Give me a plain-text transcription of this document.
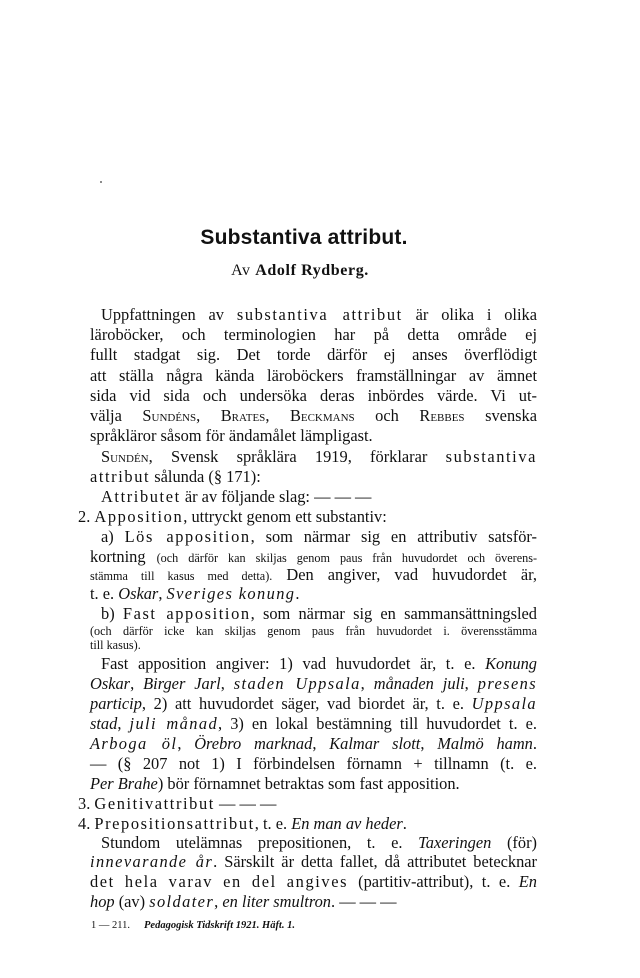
Substantiva attribut.
Av Adolf Rydberg.
Uppfattningen av substantiva attribut är olika i olika
läroböcker, och terminologien har på detta område ej
fullt stadgat sig. Det torde därför ej anses överflödigt
att ställa några kända läroböckers framställningar av ämnet
sida vid sida och undersöka deras inbördes värde. Vi ut-
välja Sundéns, Brates, Beckmans och Rebbes svenska
språkläror såsom för ändamålet lämpligast.
Sundén, Svensk språklära 1919, förklarar substantiva
attribut sålunda (§ 171):
Attributet är av följande slag: — — —
2. Apposition, uttryckt genom ett substantiv:
a) Lös apposition, som närmar sig en attributiv satsför-
kortning (och därför kan skiljas genom paus från huvudordet och överens-
stämma till kasus med detta). Den angiver, vad huvudordet är,
t. e. Oskar, Sveriges konung.
b) Fast apposition, som närmar sig en sammansättningsled
(och därför icke kan skiljas genom paus från huvudordet i. överensstämma
till kasus).
Fast apposition angiver: 1) vad huvudordet är, t. e. Konung
Oskar, Birger Jarl, staden Uppsala, månaden juli, presens
particip, 2) att huvudordet säger, vad biordet är, t. e. Uppsala
stad, juli månad, 3) en lokal bestämning till huvudordet t. e.
Arboga öl, Örebro marknad, Kalmar slott, Malmö hamn.
— (§ 207 not 1) I förbindelsen förnamn + tillnamn (t. e.
Per Brahe) bör förnamnet betraktas som fast apposition.
3. Genitivattribut — — —
4. Prepositionsattribut, t. e. En man av heder.
Stundom utelämnas prepositionen, t. e. Taxeringen (för)
innevarande år. Särskilt är detta fallet, då attributet betecknar
det hela varav en del angives (partitiv-attribut), t. e. En
hop (av) soldater, en liter smultron. — — —
1 — 211. Pedagogisk Tidskrift 1921. Häft. 1.
